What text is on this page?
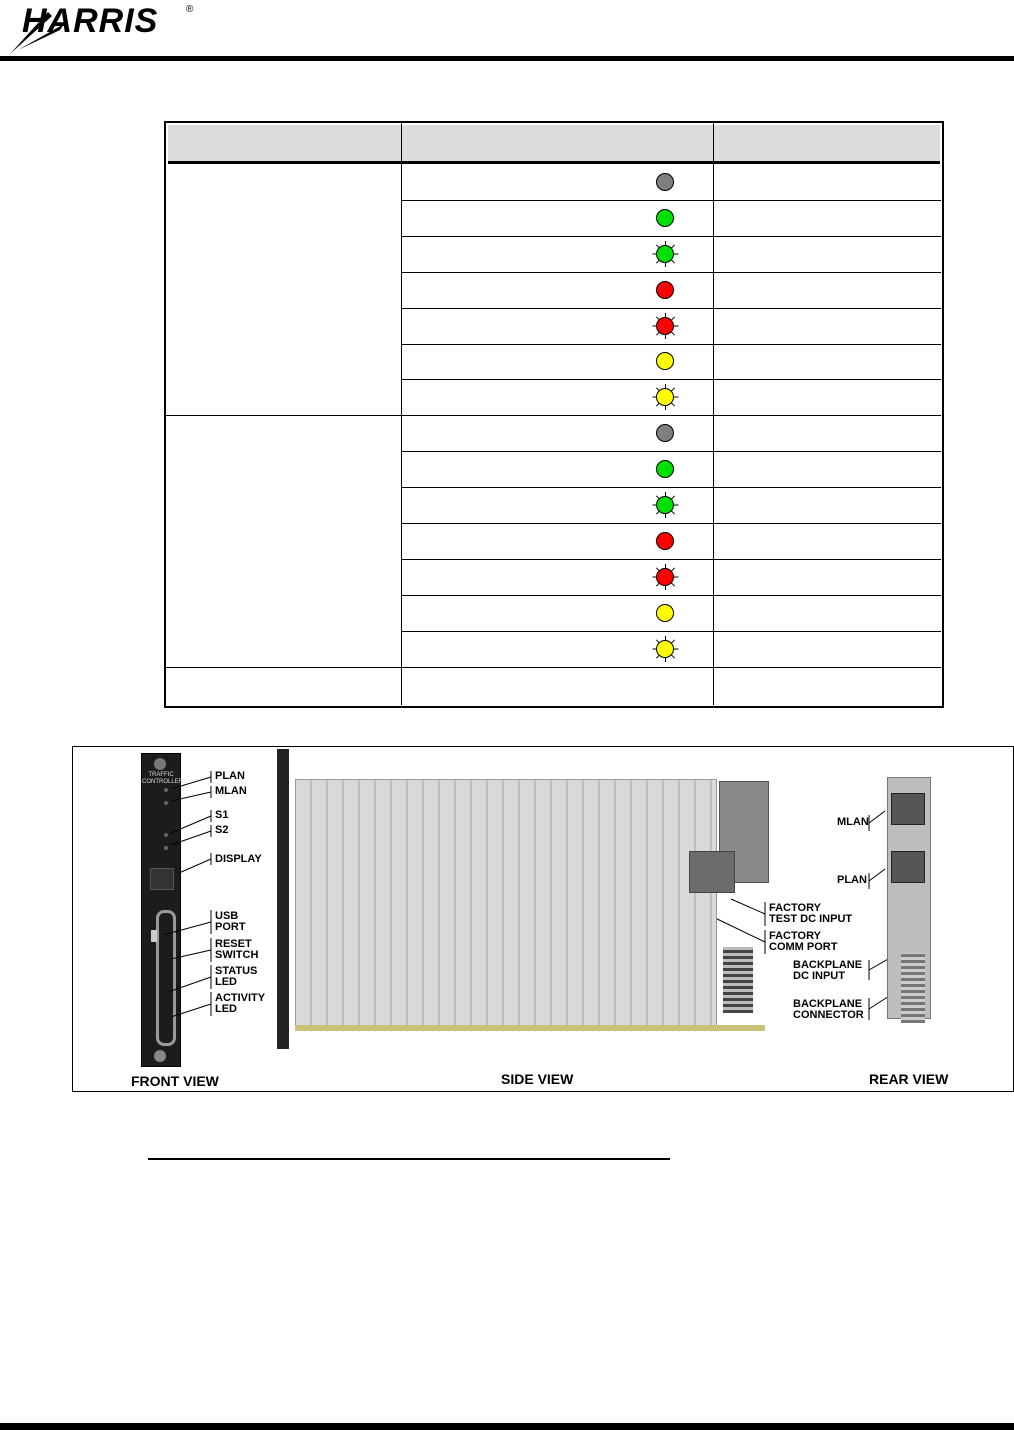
HARRIS	®
TRAFFIC
CONTROLLER	PLAN
MLAN
S1
S2
DISPLAY
USB
PORT
RESET
SWITCH
STATUS
LED
ACTIVITY
LED
FACTORY
TEST DC INPUT
FACTORY
COMM PORT
MLAN
PLAN
BACKPLANE
DC INPUT
BACKPLANE
CONNECTOR
FRONT VIEW	SIDE VIEW	REAR VIEW
